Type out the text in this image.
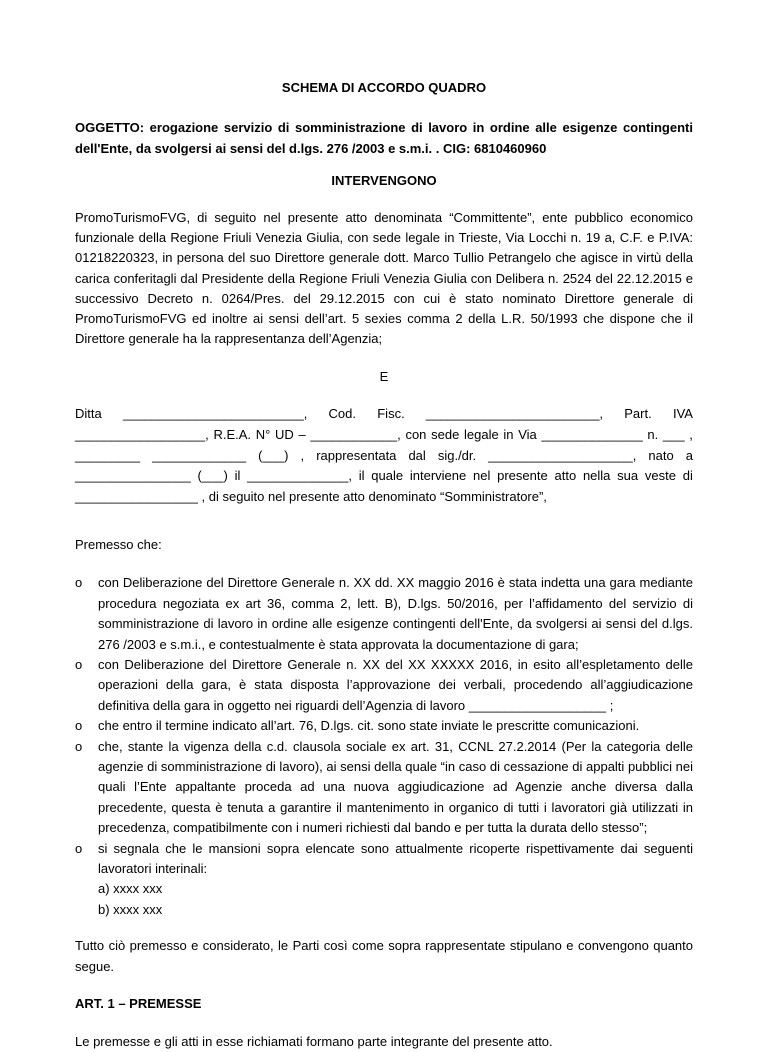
SCHEMA DI ACCORDO QUADRO
OGGETTO: erogazione servizio di somministrazione di lavoro in ordine alle esigenze contingenti dell'Ente, da svolgersi ai sensi del d.lgs. 276 /2003 e s.m.i. . CIG: 6810460960
INTERVENGONO
PromoTurismoFVG, di seguito nel presente atto denominata “Committente”, ente pubblico economico funzionale della Regione Friuli Venezia Giulia, con sede legale in Trieste, Via Locchi n. 19 a, C.F. e P.IVA: 01218220323, in persona del suo Direttore generale dott. Marco Tullio Petrangelo che agisce in virtù della carica conferitagli dal Presidente della Regione Friuli Venezia Giulia con Delibera n. 2524 del 22.12.2015 e successivo Decreto n. 0264/Pres. del 29.12.2015 con cui è stato nominato Direttore generale di PromoTurismoFVG ed inoltre ai sensi dell’art. 5 sexies comma 2 della L.R. 50/1993 che dispone che il Direttore generale ha la rappresentanza dell’Agenzia;
E
Ditta _________________________, Cod. Fisc. ________________________, Part. IVA
__________________, R.E.A. N° UD – ____________, con sede legale in Via ______________ n. ___ ,
_________ _____________ (___) , rappresentata dal sig./dr. ____________________, nato a
________________ (___) il ______________, il quale interviene nel presente atto nella sua veste di
_________________ , di seguito nel presente atto denominato “Somministratore”,
Premesso che:
o con Deliberazione del Direttore Generale n. XX dd. XX maggio 2016 è stata indetta una gara mediante procedura negoziata ex art 36, comma 2, lett. B), D.lgs. 50/2016, per l’affidamento del servizio di somministrazione di lavoro in ordine alle esigenze contingenti dell'Ente, da svolgersi ai sensi del d.lgs. 276 /2003 e s.m.i., e contestualmente è stata approvata la documentazione di gara;
o con Deliberazione del Direttore Generale n. XX del XX XXXXX 2016, in esito all’espletamento delle operazioni della gara, è stata disposta l’approvazione dei verbali, procedendo all’aggiudicazione definitiva della gara in oggetto nei riguardi dell’Agenzia di lavoro ___________________ ;
o che entro il termine indicato all’art. 76, D.lgs. cit. sono state inviate le prescritte comunicazioni.
o che, stante la vigenza della c.d. clausola sociale ex art. 31, CCNL 27.2.2014 (Per la categoria delle agenzie di somministrazione di lavoro), ai sensi della quale “in caso di cessazione di appalti pubblici nei quali l’Ente appaltante proceda ad una nuova aggiudicazione ad Agenzie anche diversa dalla precedente, questa è tenuta a garantire il mantenimento in organico di tutti i lavoratori già utilizzati in precedenza, compatibilmente con i numeri richiesti dal bando e per tutta la durata dello stesso”;
o si segnala che le mansioni sopra elencate sono attualmente ricoperte rispettivamente dai seguenti lavoratori interinali:
a) xxxx xxx
b) xxxx xxx
Tutto ciò premesso e considerato, le Parti così come sopra rappresentate stipulano e convengono quanto segue.
ART. 1 – PREMESSE
Le premesse e gli atti in esse richiamati formano parte integrante del presente atto.
